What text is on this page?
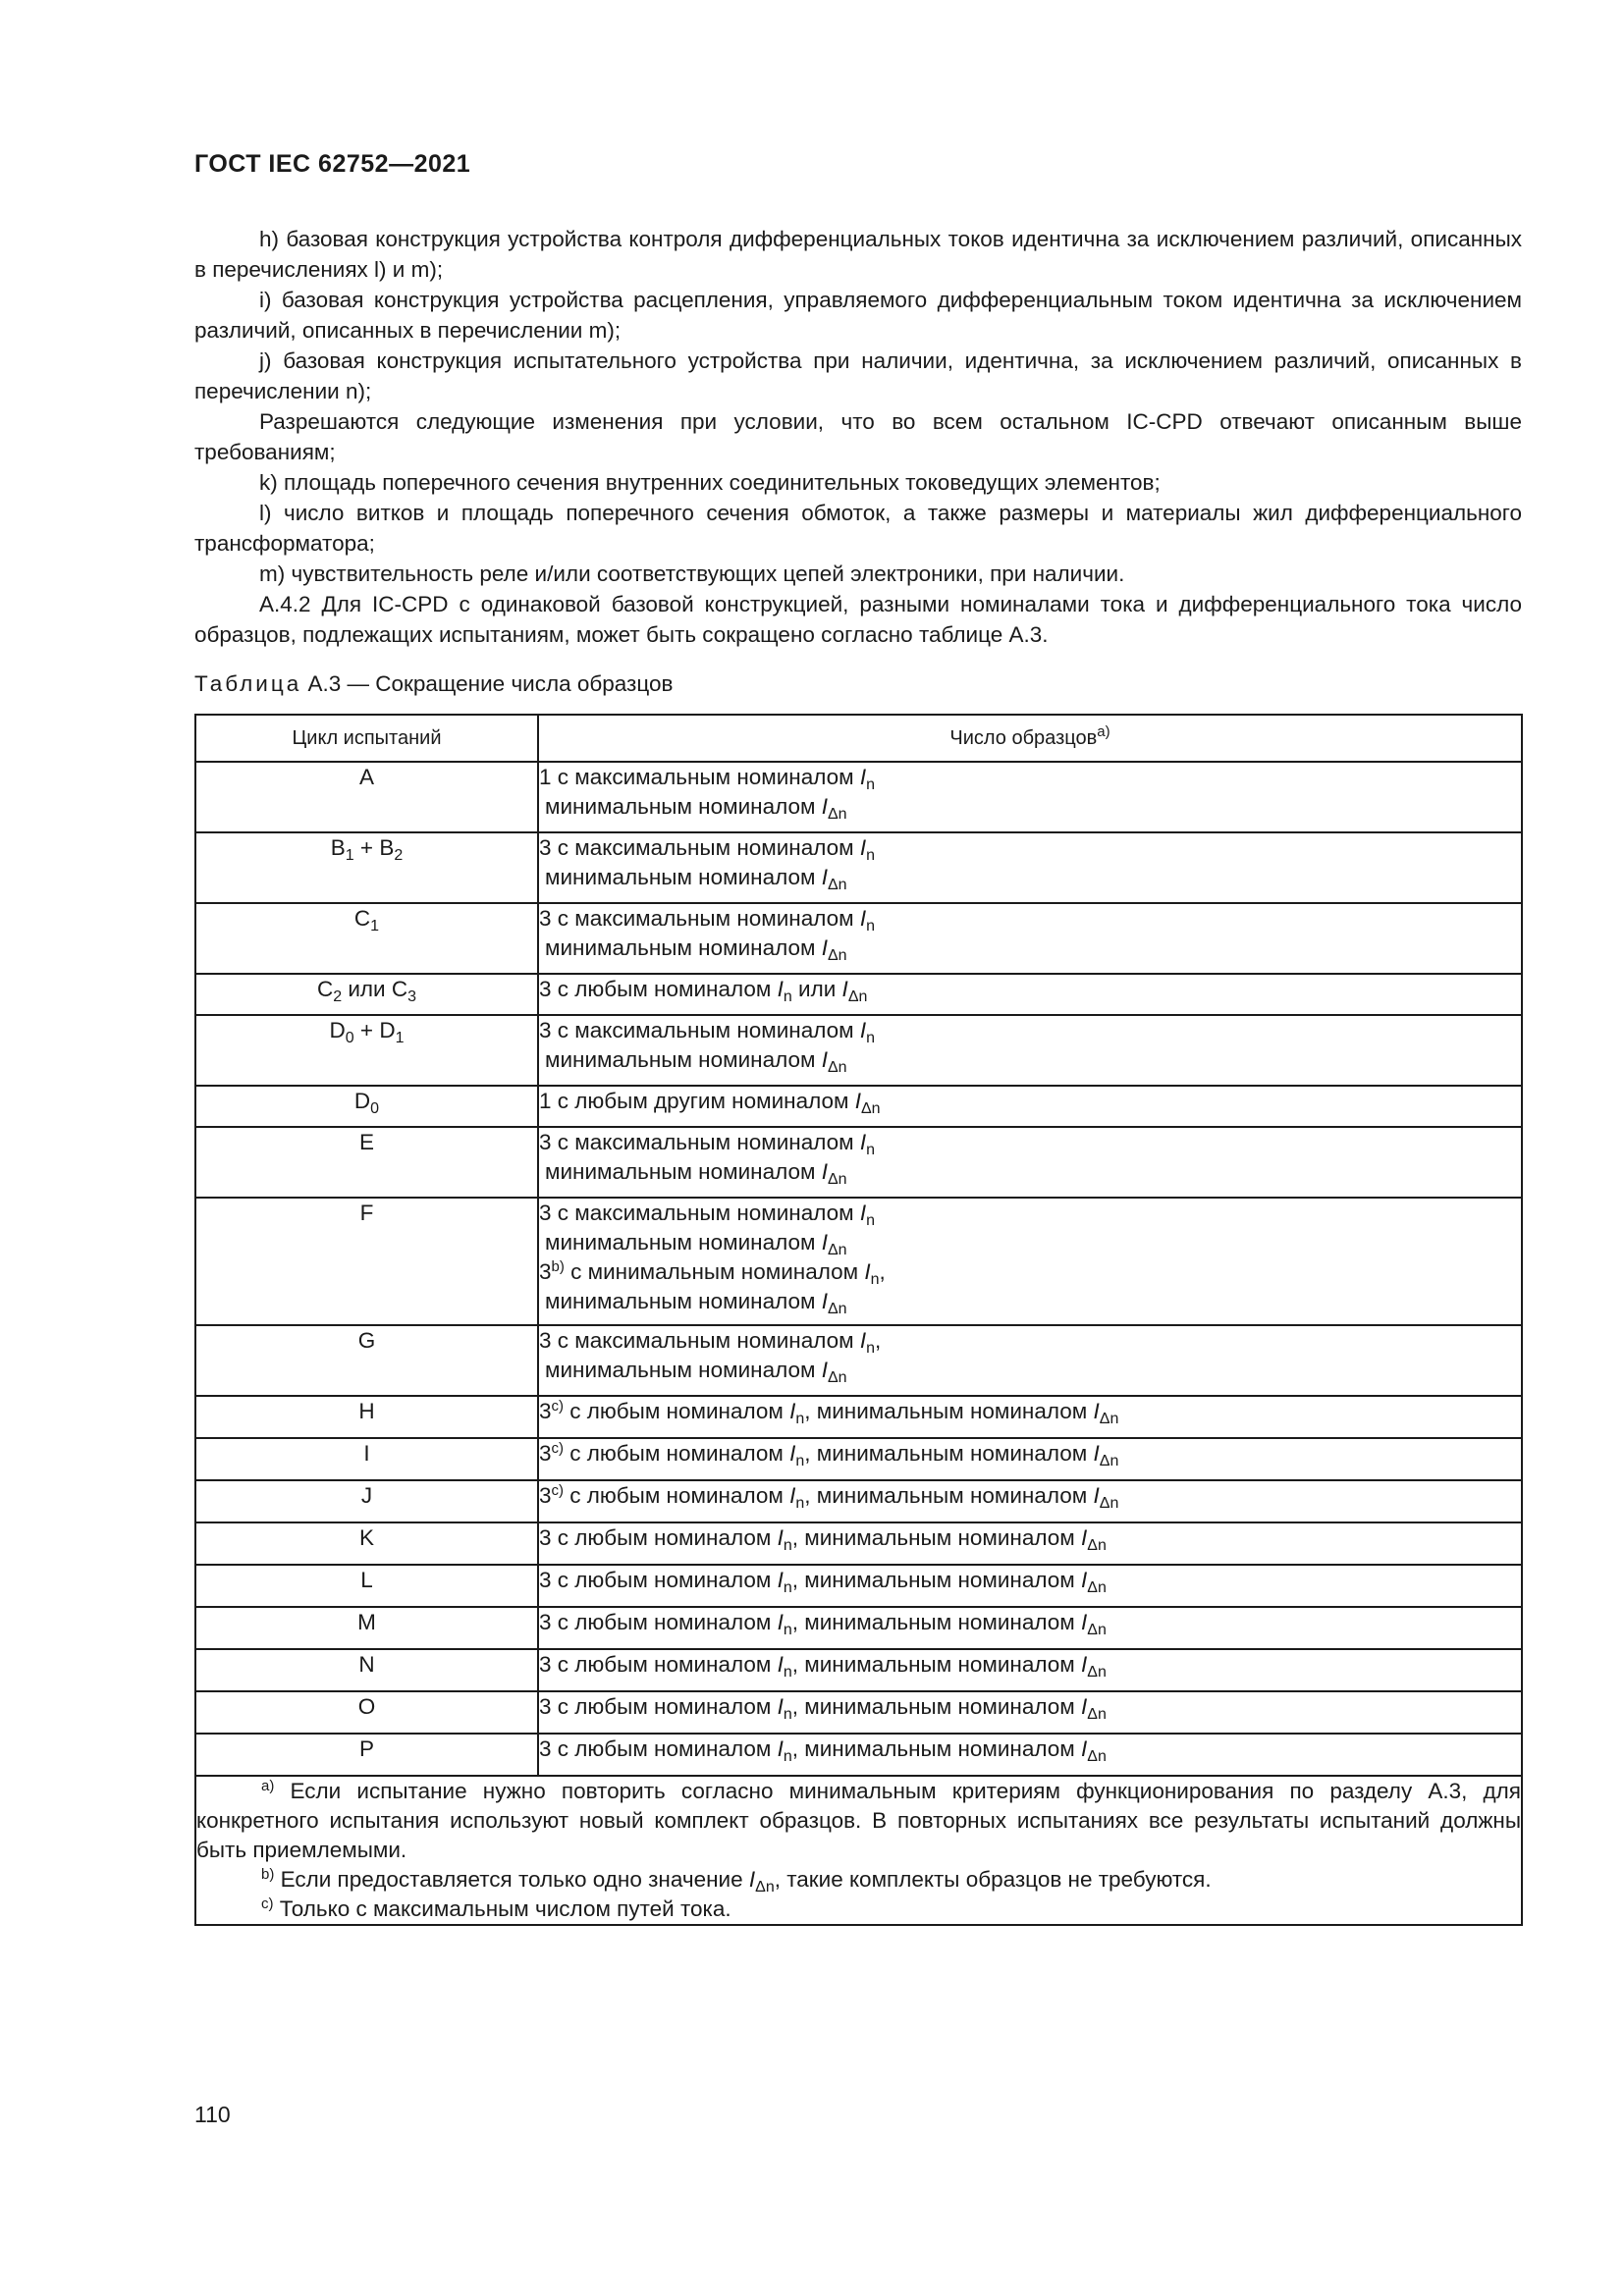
ГОСТ IEC 62752—2021

h) базовая конструкция устройства контроля дифференциальных токов идентична за исключением различий, описанных в перечислениях l) и m);

i) базовая конструкция устройства расцепления, управляемого дифференциальным током идентична за исключением различий, описанных в перечислении m);

j) базовая конструкция испытательного устройства при наличии, идентична, за исключением различий, описанных в перечислении n);

Разрешаются следующие изменения при условии, что во всем остальном IC-CPD отвечают описанным выше требованиям;

k) площадь поперечного сечения внутренних соединительных токоведущих элементов;

l) число витков и площадь поперечного сечения обмоток, а также размеры и материалы жил дифференциального трансформатора;

m) чувствительность реле и/или соответствующих цепей электроники, при наличии.

А.4.2 Для IC-CPD с одинаковой базовой конструкцией, разными номиналами тока и дифференциального тока число образцов, подлежащих испытаниям, может быть сокращено согласно таблице А.3.

Таблица А.3 — Сокращение числа образцов
Цикл испытаний	Число образцов$^{а)}$
A	1 с максимальным номиналом $I_n$
минимальным номиналом $I_{\Delta n}$

$B_1 + B_2$	3 с максимальным номиналом $I_n$
минимальным номиналом $I_{\Delta n}$

$C_1$	3 с максимальным номиналом $I_n$
минимальным номиналом $I_{\Delta n}$

$C_2$ или $C_3$	3 с любым номиналом $I_n$ или $I_{\Delta n}$

$D_0 + D_1$	3 с максимальным номиналом $I_n$
минимальным номиналом $I_{\Delta n}$

$D_0$	1 с любым другим номиналом $I_{\Delta n}$

E	3 с максимальным номиналом $I_n$
минимальным номиналом $I_{\Delta n}$

F	3 с максимальным номиналом $I_n$
минимальным номиналом $I_{\Delta n}$
3$^{b)}$ с минимальным номиналом $I_n$,
минимальным номиналом $I_{\Delta n}$

G	3 с максимальным номиналом $I_n$,
минимальным номиналом $I_{\Delta n}$

H	3$^{c)}$ с любым номиналом $I_n$, минимальным номиналом $I_{\Delta n}$

I	3$^{c)}$ с любым номиналом $I_n$, минимальным номиналом $I_{\Delta n}$

J	3$^{c)}$ с любым номиналом $I_n$, минимальным номиналом $I_{\Delta n}$

K	3 с любым номиналом $I_n$, минимальным номиналом $I_{\Delta n}$

L	3 с любым номиналом $I_n$, минимальным номиналом $I_{\Delta n}$

M	3 с любым номиналом $I_n$, минимальным номиналом $I_{\Delta n}$

N	3 с любым номиналом $I_n$, минимальным номиналом $I_{\Delta n}$

O	3 с любым номиналом $I_n$, минимальным номиналом $I_{\Delta n}$

P	3 с любым номиналом $I_n$, минимальным номиналом $I_{\Delta n}$

$^{а)}$ Если испытание нужно повторить согласно минимальным критериям функционирования по разделу А.3, для конкретного испытания используют новый комплект образцов. В повторных испытаниях все результаты испытаний должны быть приемлемыми.

$^{b)}$ Если предоставляется только одно значение $I_{\Delta n}$, такие комплекты образцов не требуются.

$^{c)}$ Только с максимальным числом путей тока.	

110
